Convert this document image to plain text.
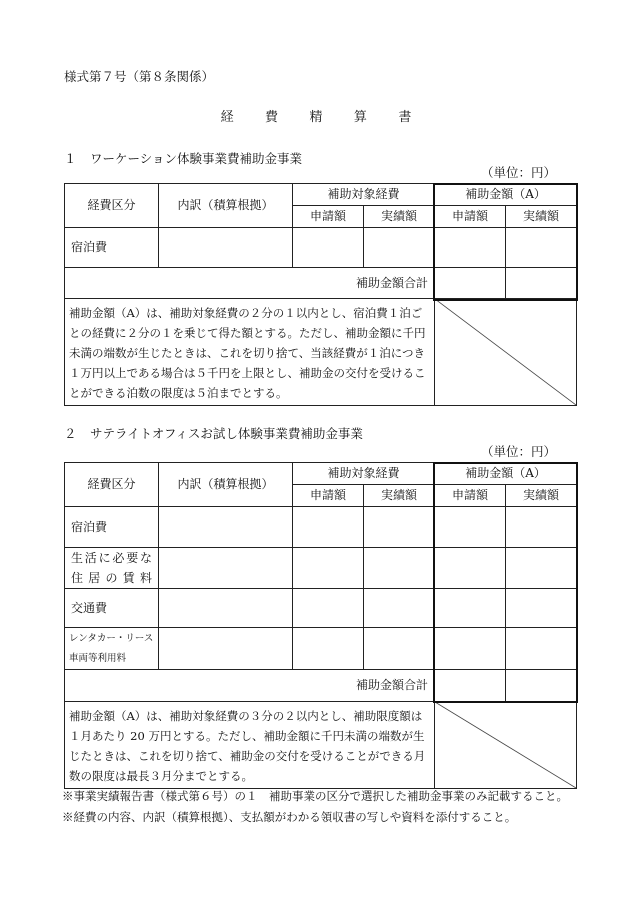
様式第７号（第８条関係）
経 費 精 算 書
１ ワーケーション体験事業費補助金事業
（単位：円）
経費区分	内訳（積算根拠）	補助対象経費		補助金額（A）	
		申請額	実績額	申請額	実績額
宿泊費					
補助金額合計					
補助金額（A）は、補助対象経費の２分の１以内とし、宿泊費１泊ごとの経費に２分の１を乗じて得た額とする。ただし、補助金額に千円未満の端数が生じたときは、これを切り捨て、当該経費が１泊につき１万円以上である場合は５千円を上限とし、補助金の交付を受けることができる泊数の限度は５泊までとする。	
２ サテライトオフィスお試し体験事業費補助金事業
（単位：円）
経費区分	内訳（積算根拠）	補助対象経費		補助金額（A）	
		申請額	実績額	申請額	実績額
宿泊費					
生活に必要な住居の賃料					
交通費					
レンタカー・リース車両等利用料					
補助金額合計					
補助金額（A）は、補助対象経費の３分の２以内とし、補助限度額は１月あたり 20 万円とする。ただし、補助金額に千円未満の端数が生じたときは、これを切り捨て、補助金の交付を受けることができる月数の限度は最長３月分までとする。	
※事業実績報告書（様式第６号）の１　補助事業の区分で選択した補助金事業のみ記載すること。
※経費の内容、内訳（積算根拠）、支払額がわかる領収書の写しや資料を添付すること。
